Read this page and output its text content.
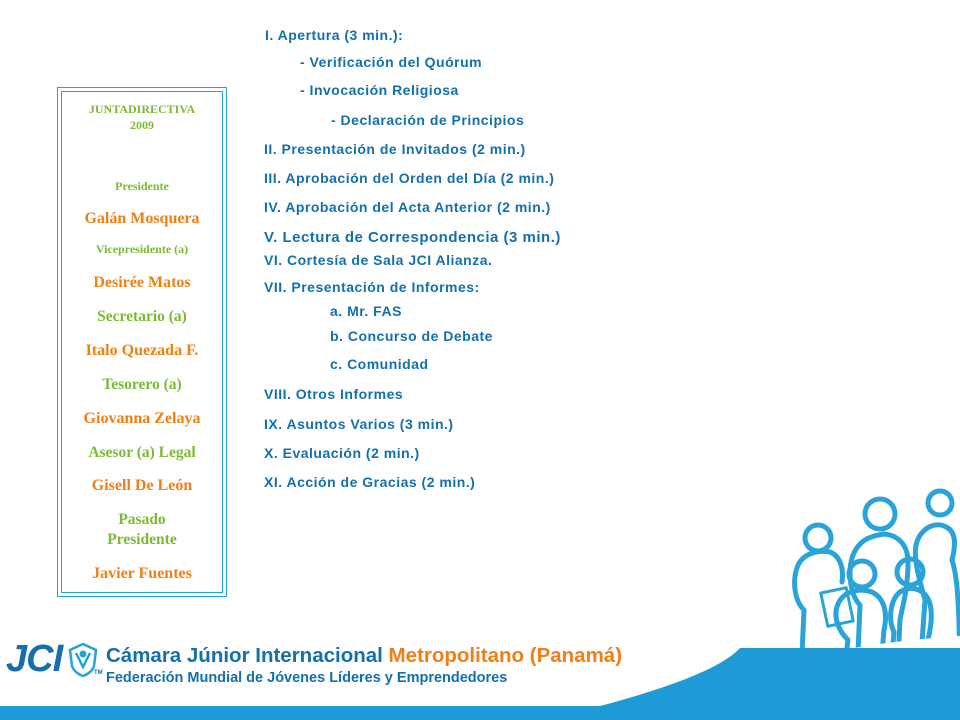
JUNTADIRECTIVA
2009
Presidente
Galán Mosquera
Vicepresidente (a)
Desirée Matos
Secretario (a)
Italo Quezada F.
Tesorero (a)
Giovanna Zelaya
Asesor (a) Legal
Gisell De León
Pasado
Presidente
Javier Fuentes
I. Apertura (3 min.):
- Verificación del Quórum
- Invocación Religiosa
- Declaración de Principios
II. Presentación de Invitados (2 min.)
III. Aprobación del Orden del Día (2 min.)
IV. Aprobación del Acta Anterior (2 min.)
V. Lectura de Correspondencia (3 min.)
VI. Cortesía de Sala JCI Alianza.
VII. Presentación de Informes:
a. Mr. FAS
b. Concurso de Debate
c. Comunidad
VIII. Otros Informes
IX. Asuntos Varios (3 min.)
X. Evaluación (2 min.)
XI. Acción de Gracias (2 min.)
JCI	TM
Cámara Júnior Internacional Metropolitano (Panamá)
Federación Mundial de Jóvenes Líderes y Emprendedores
